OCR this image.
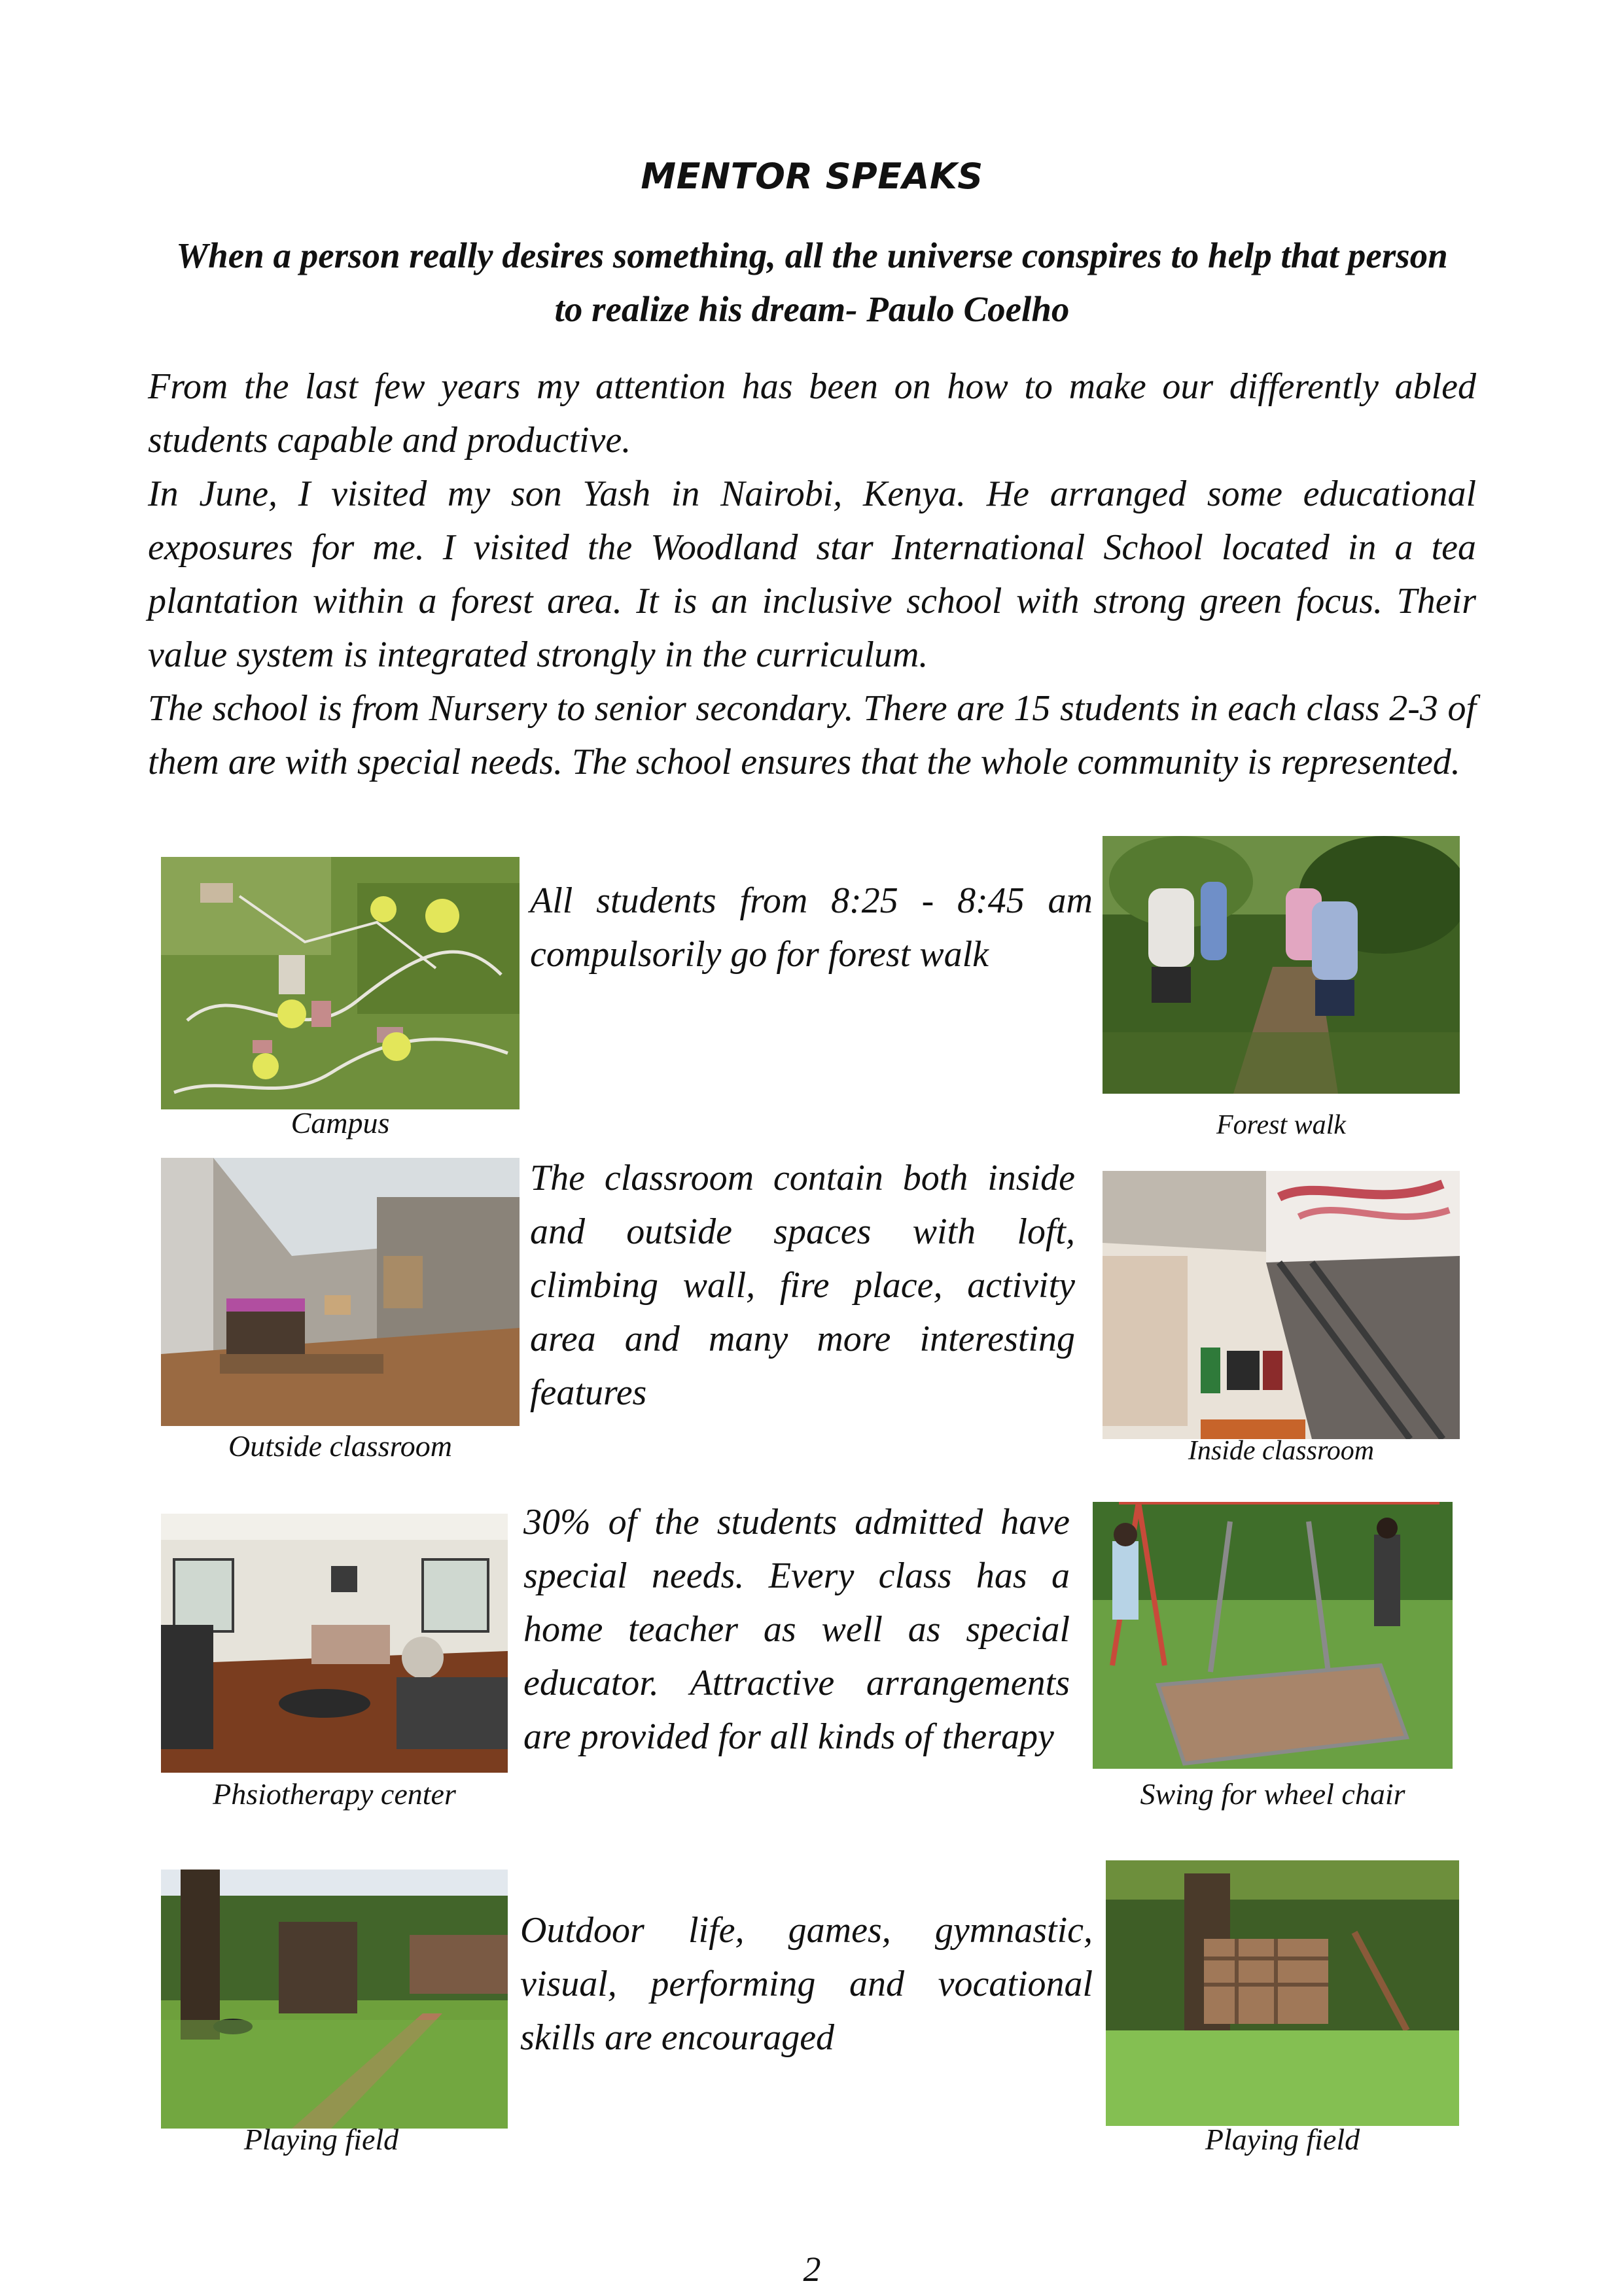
MENTOR SPEAKS
When a person really desires something, all the universe conspires to help that person to realize his dream- Paulo Coelho

From the last few years my attention has been on how to make our differently abled students capable and productive.

In June, I visited my son Yash in Nairobi, Kenya. He arranged some educational exposures for me. I visited the Woodland star International School located in a tea plantation within a forest area. It is an inclusive school with strong green focus. Their value system is integrated strongly in the curriculum.

The school is from Nursery to senior secondary. There are 15 students in each class 2-3 of them are with special needs. The school ensures that the whole community is represented.

Campus
All students from 8:25 - 8:45 am compulsorily go for forest walk
Forest walk
Outside classroom
The classroom contain both inside and outside spaces with loft, climbing wall, fire place, activity area and many more interesting features
Inside classroom
Phsiotherapy center
30% of the students admitted have special needs. Every class has a home teacher as well as special educator. Attractive arrangements are provided for all kinds of therapy
Swing for wheel chair
Playing field
Outdoor life, games, gymnastic, visual, performing and vocational skills are encouraged
Playing field
2
